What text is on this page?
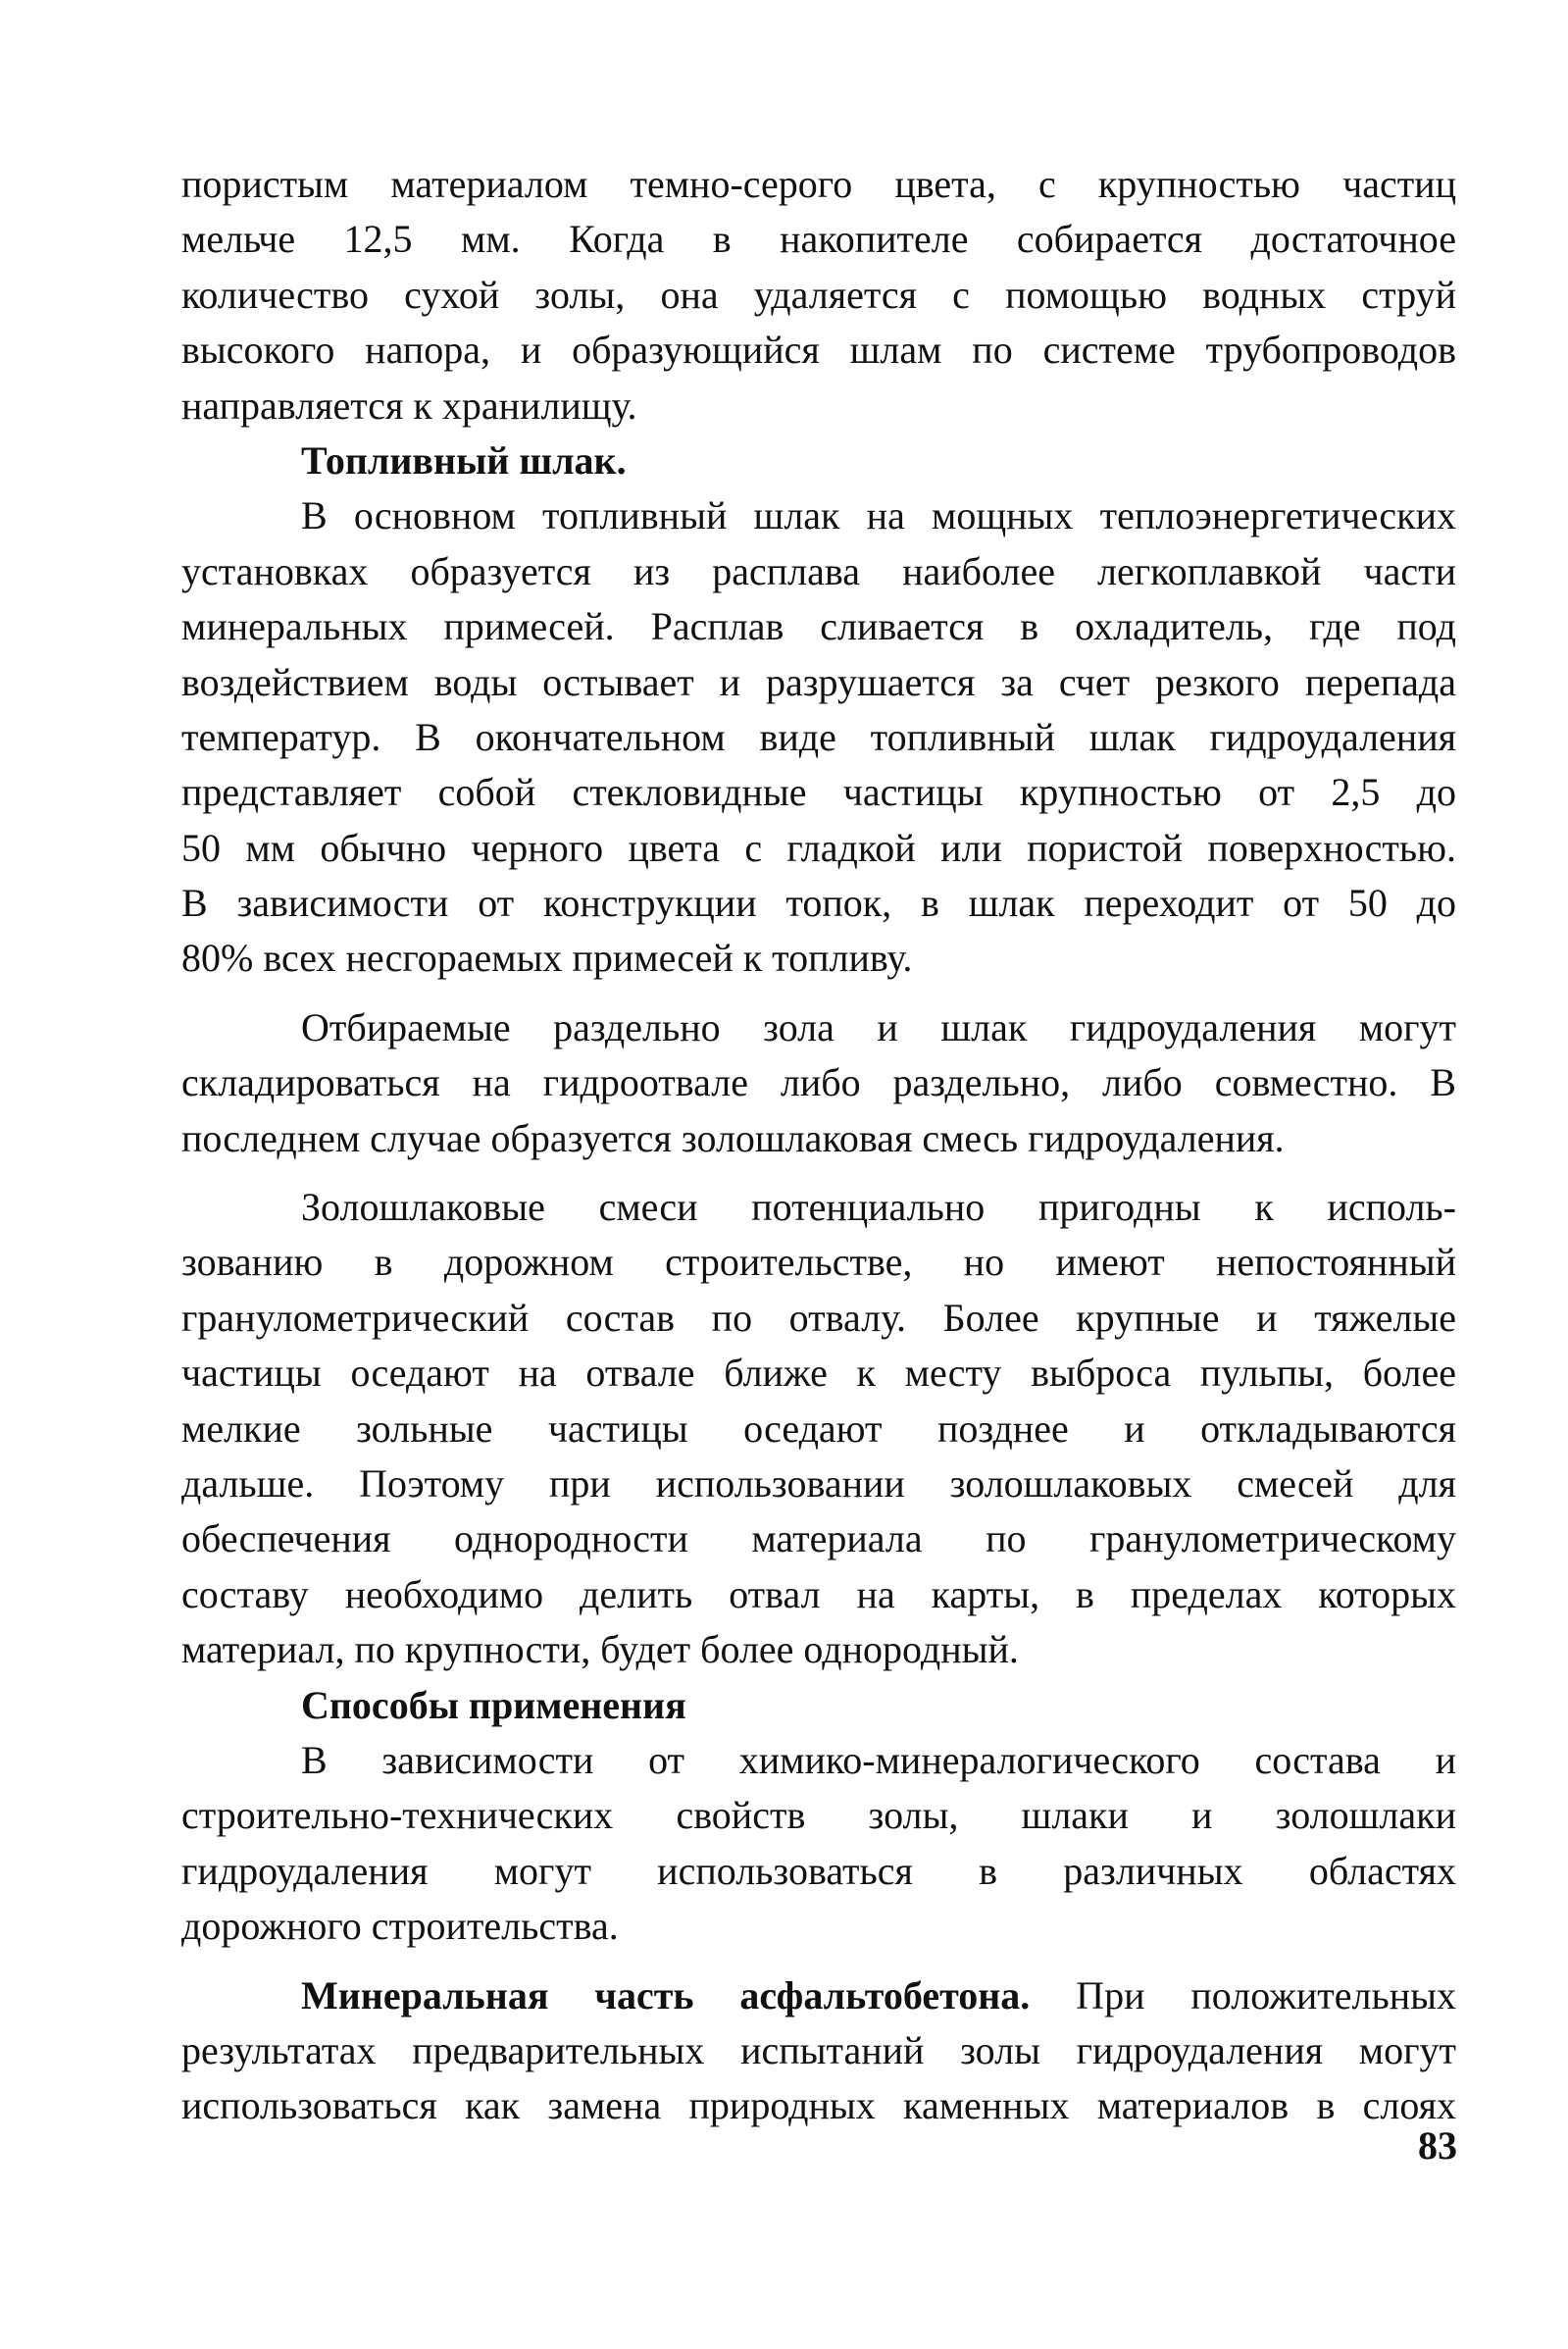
пористым материалом темно-серого цвета, с крупностью частиц
мельче 12,5 мм. Когда в накопителе собирается достаточное
количество сухой золы, она удаляется с помощью водных струй
высокого напора, и образующийся шлам по системе трубопроводов
направляется к хранилищу.
Топливный шлак.
В основном топливный шлак на мощных теплоэнергетических
установках образуется из расплава наиболее легкоплавкой части
минеральных примесей. Расплав сливается в охладитель, где под
воздействием воды остывает и разрушается за счет резкого перепада
температур. В окончательном виде топливный шлак гидроудаления
представляет собой стекловидные частицы крупностью от 2,5 до
50 мм обычно черного цвета с гладкой или пористой поверхностью.
В зависимости от конструкции топок, в шлак переходит от 50 до
80% всех несгораемых примесей к топливу.
Отбираемые раздельно зола и шлак гидроудаления могут
складироваться на гидроотвале либо раздельно, либо совместно. В
последнем случае образуется золошлаковая смесь гидроудаления.
Золошлаковые смеси потенциально пригодны к исполь-
зованию в дорожном строительстве, но имеют непостоянный
гранулометрический состав по отвалу. Более крупные и тяжелые
частицы оседают на отвале ближе к месту выброса пульпы, более
мелкие зольные частицы оседают позднее и откладываются
дальше. Поэтому при использовании золошлаковых смесей для
обеспечения однородности материала по гранулометрическому
составу необходимо делить отвал на карты, в пределах которых
материал, по крупности, будет более однородный.
Способы применения
В зависимости от химико-минералогического состава и
строительно-технических свойств золы, шлаки и золошлаки
гидроудаления могут использоваться в различных областях
дорожного строительства.
Минеральная часть асфальтобетона. При положительных
результатах предварительных испытаний золы гидроудаления могут
использоваться как замена природных каменных материалов в слоях
83
